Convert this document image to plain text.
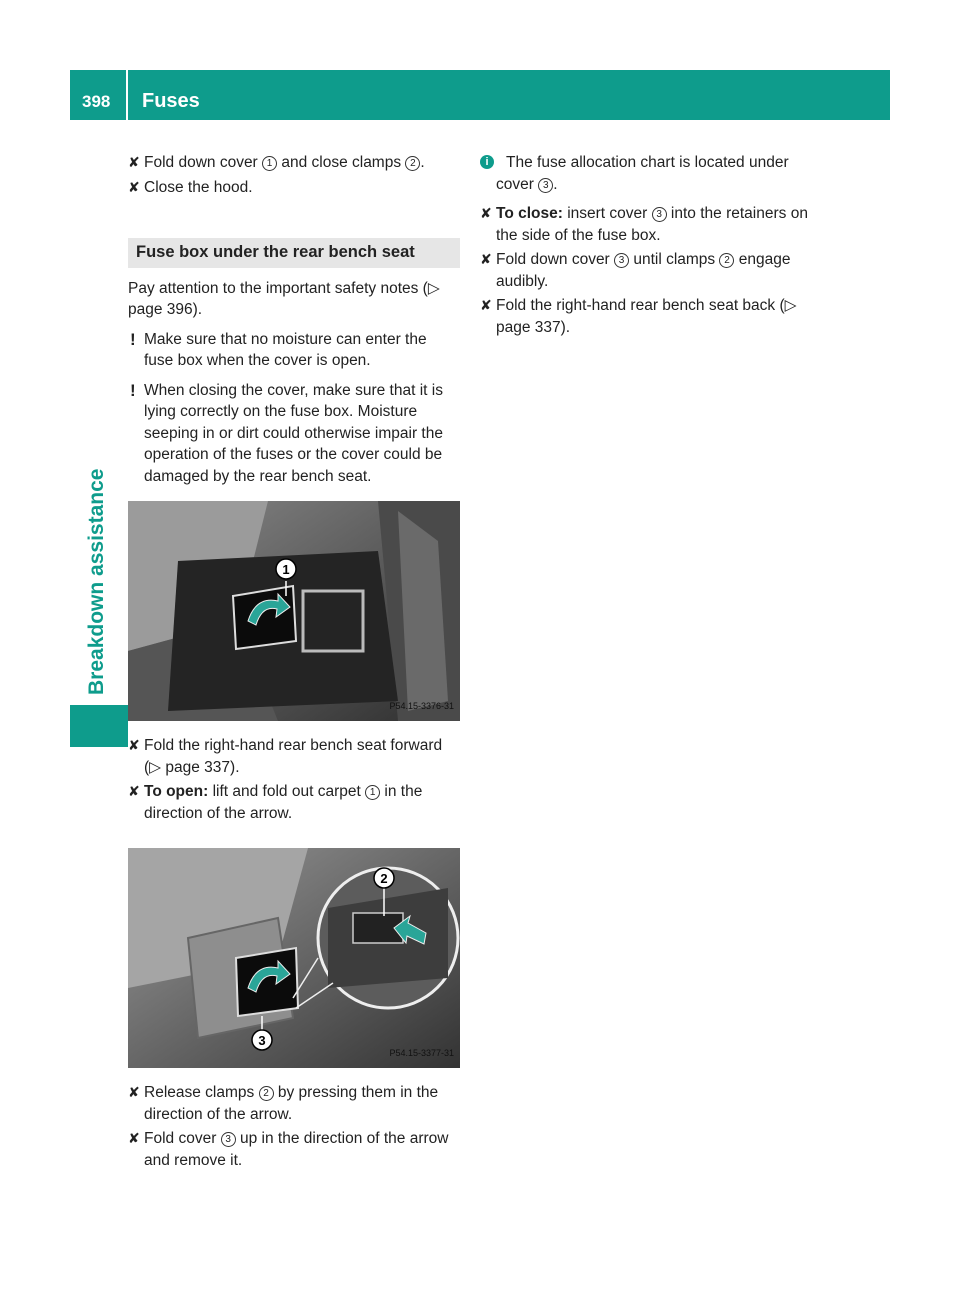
398 Fuses
Breakdown assistance
✘ Fold down cover 1 and close clamps 2 .
✘ Close the hood.
Fuse box under the rear bench seat
Pay attention to the important safety notes (▷ page 396).
! Make sure that no moisture can enter the fuse box when the cover is open.
! When closing the cover, make sure that it is lying correctly on the fuse box. Moisture seeping in or dirt could otherwise impair the operation of the fuses or the cover could be damaged by the rear bench seat.
1
P54.15-3376-31
✘ Fold the right-hand rear bench seat forward (▷ page 337).
✘ To open: lift and fold out carpet 1 in the direction of the arrow.
2
3
P54.15-3377-31
✘ Release clamps 2 by pressing them in the direction of the arrow.
✘ Fold cover 3 up in the direction of the arrow and remove it.
i	The fuse allocation chart is located under cover 3 .
✘ To close: insert cover 3 into the retainers on the side of the fuse box.
✘ Fold down cover 3 until clamps 2 engage audibly.
✘ Fold the right-hand rear bench seat back (▷ page 337).
